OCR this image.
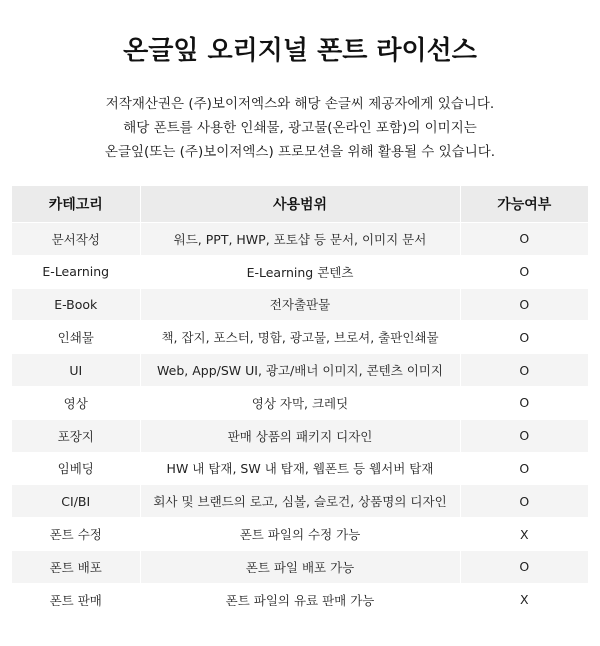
온글잎 오리지널 폰트 라이선스
저작재산권은 (주)보이저엑스와 해당 손글씨 제공자에게 있습니다.
해당 폰트를 사용한 인쇄물, 광고물(온라인 포함)의 이미지는
온글잎(또는 (주)보이저엑스) 프로모션을 위해 활용될 수 있습니다.
카테고리	사용범위	가능여부
문서작성	워드, PPT, HWP, 포토샵 등 문서, 이미지 문서	O
E-Learning	E-Learning 콘텐츠	O
E-Book	전자출판물	O
인쇄물	책, 잡지, 포스터, 명함, 광고물, 브로셔, 출판인쇄물	O
UI	Web, App/SW UI, 광고/배너 이미지, 콘텐츠 이미지	O
영상	영상 자막, 크레딧	O
포장지	판매 상품의 패키지 디자인	O
임베딩	HW 내 탑재, SW 내 탑재, 웹폰트 등 웹서버 탑재	O
CI/BI	회사 및 브랜드의 로고, 심볼, 슬로건, 상품명의 디자인	O
폰트 수정	폰트 파일의 수정 가능	X
폰트 배포	폰트 파일 배포 가능	O
폰트 판매	폰트 파일의 유료 판매 가능	X
